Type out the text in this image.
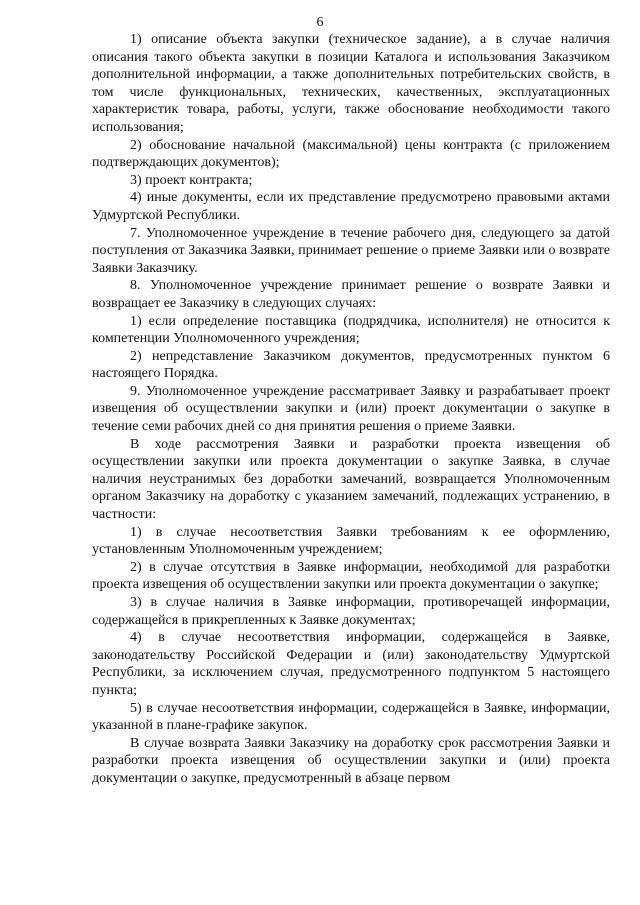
6

1) описание объекта закупки (техническое задание), а в случае наличия описания такого объекта закупки в позиции Каталога и использования Заказчиком дополнительной информации, а также дополнительных потребительских свойств, в том числе функциональных, технических, качественных, эксплуатационных характеристик товара, работы, услуги, также обоснование необходимости такого использования;

2) обоснование начальной (максимальной) цены контракта (с приложением подтверждающих документов);

3) проект контракта;

4) иные документы, если их представление предусмотрено правовыми актами Удмуртской Республики.

7. Уполномоченное учреждение в течение рабочего дня, следующего за датой поступления от Заказчика Заявки, принимает решение о приеме Заявки или о возврате Заявки Заказчику.

8. Уполномоченное учреждение принимает решение о возврате Заявки и возвращает ее Заказчику в следующих случаях:

1) если определение поставщика (подрядчика, исполнителя) не относится к компетенции Уполномоченного учреждения;

2) непредставление Заказчиком документов, предусмотренных пунктом 6 настоящего Порядка.

9. Уполномоченное учреждение рассматривает Заявку и разрабатывает проект извещения об осуществлении закупки и (или) проект документации о закупке в течение семи рабочих дней со дня принятия решения о приеме Заявки.

В ходе рассмотрения Заявки и разработки проекта извещения об осуществлении закупки или проекта документации о закупке Заявка, в случае наличия неустранимых без доработки замечаний, возвращается Уполномоченным органом Заказчику на доработку с указанием замечаний, подлежащих устранению, в частности:

1) в случае несоответствия Заявки требованиям к ее оформлению, установленным Уполномоченным учреждением;

2) в случае отсутствия в Заявке информации, необходимой для разработки проекта извещения об осуществлении закупки или проекта документации о закупке;

3) в случае наличия в Заявке информации, противоречащей информации, содержащейся в прикрепленных к Заявке документах;

4) в случае несоответствия информации, содержащейся в Заявке, законодательству Российской Федерации и (или) законодательству Удмуртской Республики, за исключением случая, предусмотренного подпунктом 5 настоящего пункта;

5) в случае несоответствия информации, содержащейся в Заявке, информации, указанной в плане-графике закупок.

В случае возврата Заявки Заказчику на доработку срок рассмотрения Заявки и разработки проекта извещения об осуществлении закупки и (или) проекта документации о закупке, предусмотренный в абзаце первом
